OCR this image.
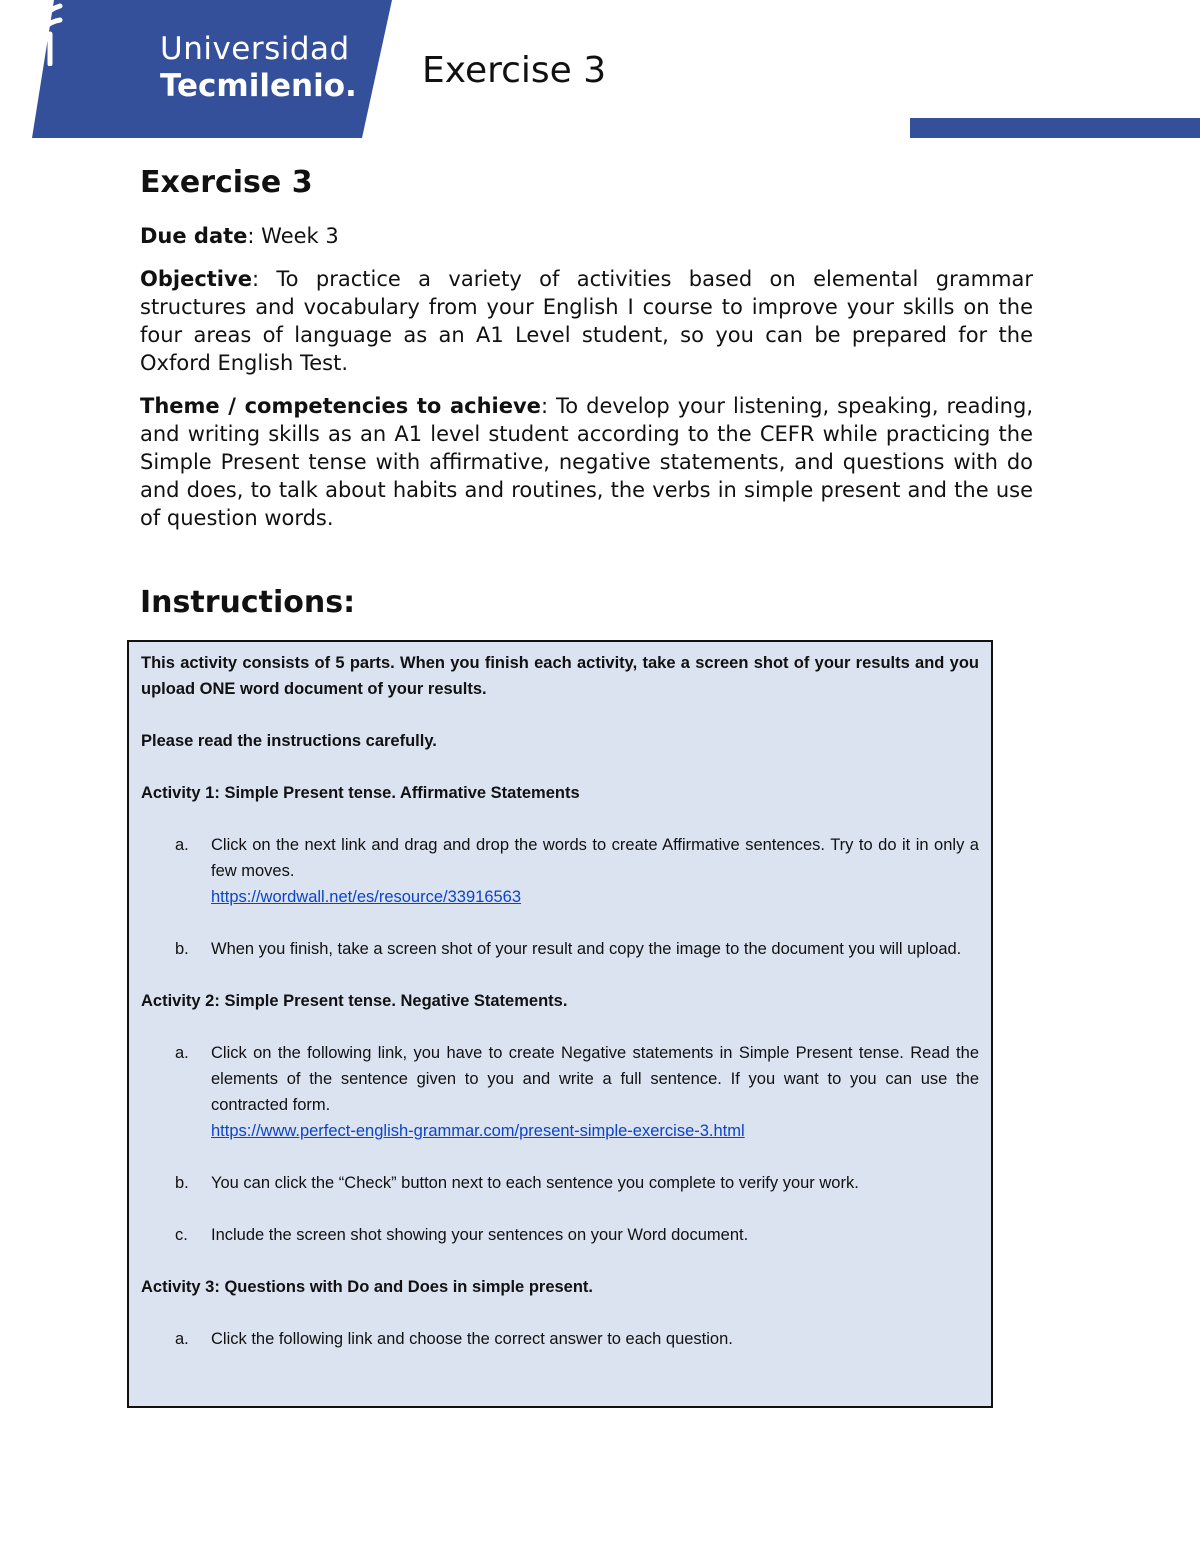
Universidad
Tecmilenio. Exercise 3
Exercise 3

Due date: Week 3

Objective: To practice a variety of activities based on elemental grammar structures and vocabulary from your English I course to improve your skills on the four areas of language as an A1 Level student, so you can be prepared for the Oxford English Test.

Theme / competencies to achieve: To develop your listening, speaking, reading, and writing skills as an A1 level student according to the CEFR while practicing the Simple Present tense with affirmative, negative statements, and questions with do and does, to talk about habits and routines, the verbs in simple present and the use of question words.

Instructions:

This activity consists of 5 parts. When you finish each activity, take a screen shot of your results and you upload ONE word document of your results.

Please read the instructions carefully.

Activity 1: Simple Present tense. Affirmative Statements

a. Click on the next link and drag and drop the words to create Affirmative sentences. Try to do it in only a few moves.
https://wordwall.net/es/resource/33916563
b. When you finish, take a screen shot of your result and copy the image to the document you will upload.

Activity 2: Simple Present tense. Negative Statements.

a. Click on the following link, you have to create Negative statements in Simple Present tense. Read the elements of the sentence given to you and write a full sentence. If you want to you can use the contracted form.
https://www.perfect-english-grammar.com/present-simple-exercise-3.html
b. You can click the “Check” button next to each sentence you complete to verify your work.
c. Include the screen shot showing your sentences on your Word document.

Activity 3: Questions with Do and Does in simple present.

a. Click the following link and choose the correct answer to each question.
